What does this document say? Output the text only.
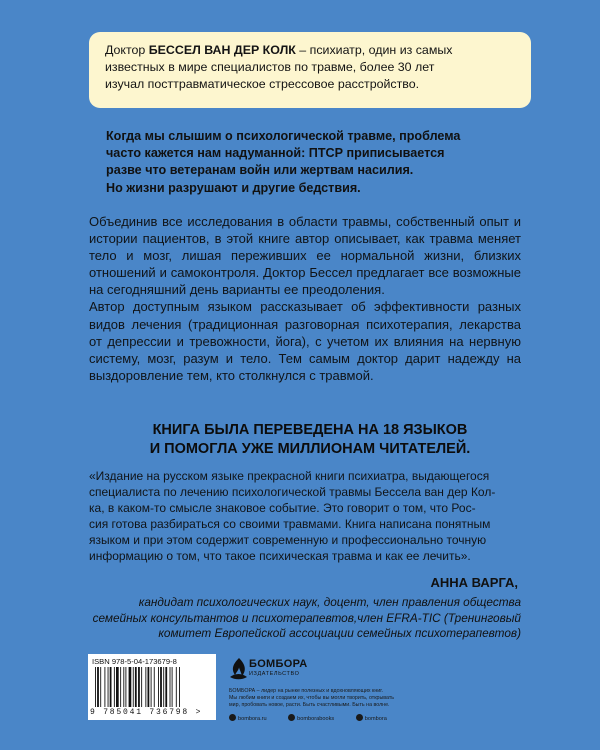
Доктор БЕССЕЛ ВАН ДЕР КОЛК – психиатр, один из самых
известных в мире специалистов по травме, более 30 лет
изучал посттравматическое стрессовое расстройство.
Когда мы слышим о психологической травме, проблема
часто кажется нам надуманной: ПТСР приписывается
разве что ветеранам войн или жертвам насилия.
Но жизни разрушают и другие бедствия.

Объединив все исследования в области травмы, собственный опыт и истории пациентов, в этой книге автор описывает, как травма меняет тело и мозг, лишая переживших ее нормальной жизни, близких отношений и самоконтроля. Доктор Бессел предлагает все возможные на сегодняшний день варианты ее преодоления.

Автор доступным языком рассказывает об эффективности разных видов лечения (традиционная разговорная психотерапия, лекарства от депрессии и тревожности, йога), с учетом их влияния на нервную систему, мозг, разум и тело. Тем самым доктор дарит надежду на выздоровление тем, кто столкнулся с травмой.

КНИГА БЫЛА ПЕРЕВЕДЕНА НА 18 ЯЗЫКОВ
И ПОМОГЛА УЖЕ МИЛЛИОНАМ ЧИТАТЕЛЕЙ.
«Издание на русском языке прекрасной книги психиатра, выдающегося
специалиста по лечению психологической травмы Бессела ван дер Кол-
ка, в каком-то смысле знаковое событие. Это говорит о том, что Рос-
сия готова разбираться со своими травмами. Книга написана понятным
языком и при этом содержит современную и профессионально точную
информацию о том, что такое психическая травма и как ее лечить».
АННА ВАРГА,
кандидат психологических наук, доцент, член правления общества
семейных консультантов и психотерапевтов,член EFRA-TIC (Тренинговый
комитет Европейской ассоциации семейных психотерапевтов)
ISBN 978-5-04-173679-8
9 785041 736798 >
БОМБОРА
ИЗДАТЕЛЬСТВО
БОМБОРА – лидер на рынке полезных и вдохновляющих книг.
Мы любим книги и создаем их, чтобы вы могли творить, открывать
мир, пробовать новое, расти. Быть счастливыми. Быть на волне.
bombora.ru	bomborabooks	bombora
